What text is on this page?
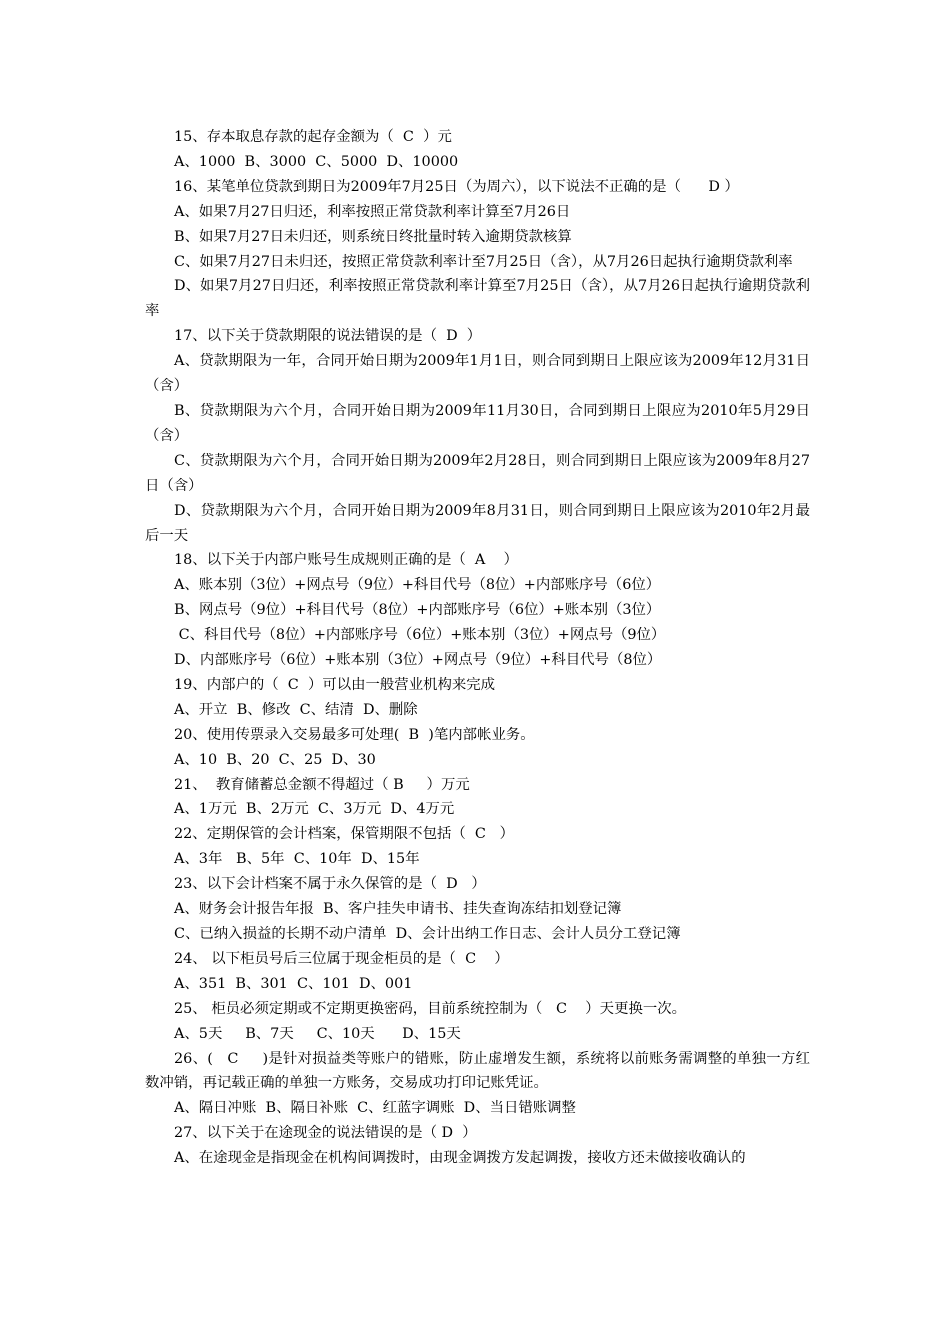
15、存本取息存款的起存金额为（  C  ）元

A、1000  B、3000  C、5000  D、10000

16、某笔单位贷款到期日为2009年7月25日（为周六），以下说法不正确的是（      D ）

A、如果7月27日归还，利率按照正常贷款利率计算至7月26日

B、如果7月27日未归还，则系统日终批量时转入逾期贷款核算

C、如果7月27日未归还，按照正常贷款利率计至7月25日（含），从7月26日起执行逾期贷款利率

D、如果7月27日归还，利率按照正常贷款利率计算至7月25日（含），从7月26日起执行逾期贷款利率

17、以下关于贷款期限的说法错误的是（  D  ）

A、贷款期限为一年，合同开始日期为2009年1月1日，则合同到期日上限应该为2009年12月31日（含）

B、贷款期限为六个月，合同开始日期为2009年11月30日，合同到期日上限应为2010年5月29日（含）

C、贷款期限为六个月，合同开始日期为2009年2月28日，则合同到期日上限应该为2009年8月27日（含）

D、贷款期限为六个月，合同开始日期为2009年8月31日，则合同到期日上限应该为2010年2月最后一天

18、以下关于内部户账号生成规则正确的是（  A    ）

A、账本别（3位）+网点号（9位）+科目代号（8位）+内部账序号（6位）

B、网点号（9位）+科目代号（8位）+内部账序号（6位）+账本别（3位）

C、科目代号（8位）+内部账序号（6位）+账本别（3位）+网点号（9位）

D、内部账序号（6位）+账本别（3位）+网点号（9位）+科目代号（8位）

19、内部户的（  C  ）可以由一般营业机构来完成

A、开立  B、修改  C、结清  D、删除

20、使用传票录入交易最多可处理(  B  )笔内部帐业务。

A、10  B、20  C、25  D、30

21、  教育储蓄总金额不得超过（ B     ）万元

A、1万元  B、2万元  C、3万元  D、4万元

22、定期保管的会计档案，保管期限不包括（  C   ）

A、3年   B、5年  C、10年  D、15年

23、以下会计档案不属于永久保管的是（  D   ）

A、财务会计报告年报  B、客户挂失申请书、挂失查询冻结扣划登记簿

C、已纳入损益的长期不动户清单  D、会计出纳工作日志、会计人员分工登记簿

24、 以下柜员号后三位属于现金柜员的是（  C    ）

A、351  B、301  C、101  D、001

25、 柜员必须定期或不定期更换密码，目前系统控制为（   C    ）天更换一次。

A、5天     B、7天     C、10天      D、15天

26、(   C     )是针对损益类等账户的错账，防止虚增发生额，系统将以前账务需调整的单独一方红数冲销，再记载正确的单独一方账务，交易成功打印记账凭证。

A、隔日冲账  B、隔日补账  C、红蓝字调账  D、当日错账调整

27、以下关于在途现金的说法错误的是（ D  ）

A、在途现金是指现金在机构间调拨时，由现金调拨方发起调拨，接收方还未做接收确认的
